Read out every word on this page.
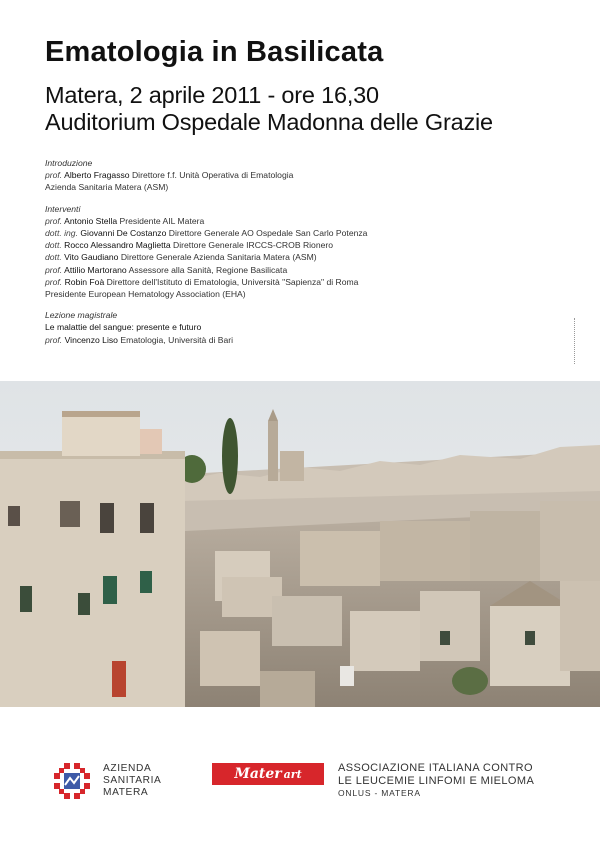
Ematologia in Basilicata
Matera, 2 aprile 2011 - ore 16,30
Auditorium Ospedale Madonna delle Grazie
Introduzione
prof. Alberto Fragasso Direttore f.f. Unità Operativa di Ematologia
Azienda Sanitaria Matera (ASM)
Interventi
prof. Antonio Stella Presidente AIL Matera
dott. ing. Giovanni De Costanzo Direttore Generale AO Ospedale San Carlo Potenza
dott. Rocco Alessandro Maglietta Direttore Generale IRCCS-CROB Rionero
dott. Vito Gaudiano Direttore Generale Azienda Sanitaria Matera (ASM)
prof. Attilio Martorano Assessore alla Sanità, Regione Basilicata
prof. Robin Foà Direttore dell'Istituto di Ematologia, Università "Sapienza" di Roma
Presidente European Hematology Association (EHA)
Lezione magistrale
Le malattie del sangue: presente e futuro
prof. Vincenzo Liso Ematologia, Università di Bari
AZIENDA
SANITARIA
MATERA
Mater art	ASSOCIAZIONE ITALIANA CONTRO
LE LEUCEMIE LINFOMI E MIELOMA
ONLUS - MATERA
